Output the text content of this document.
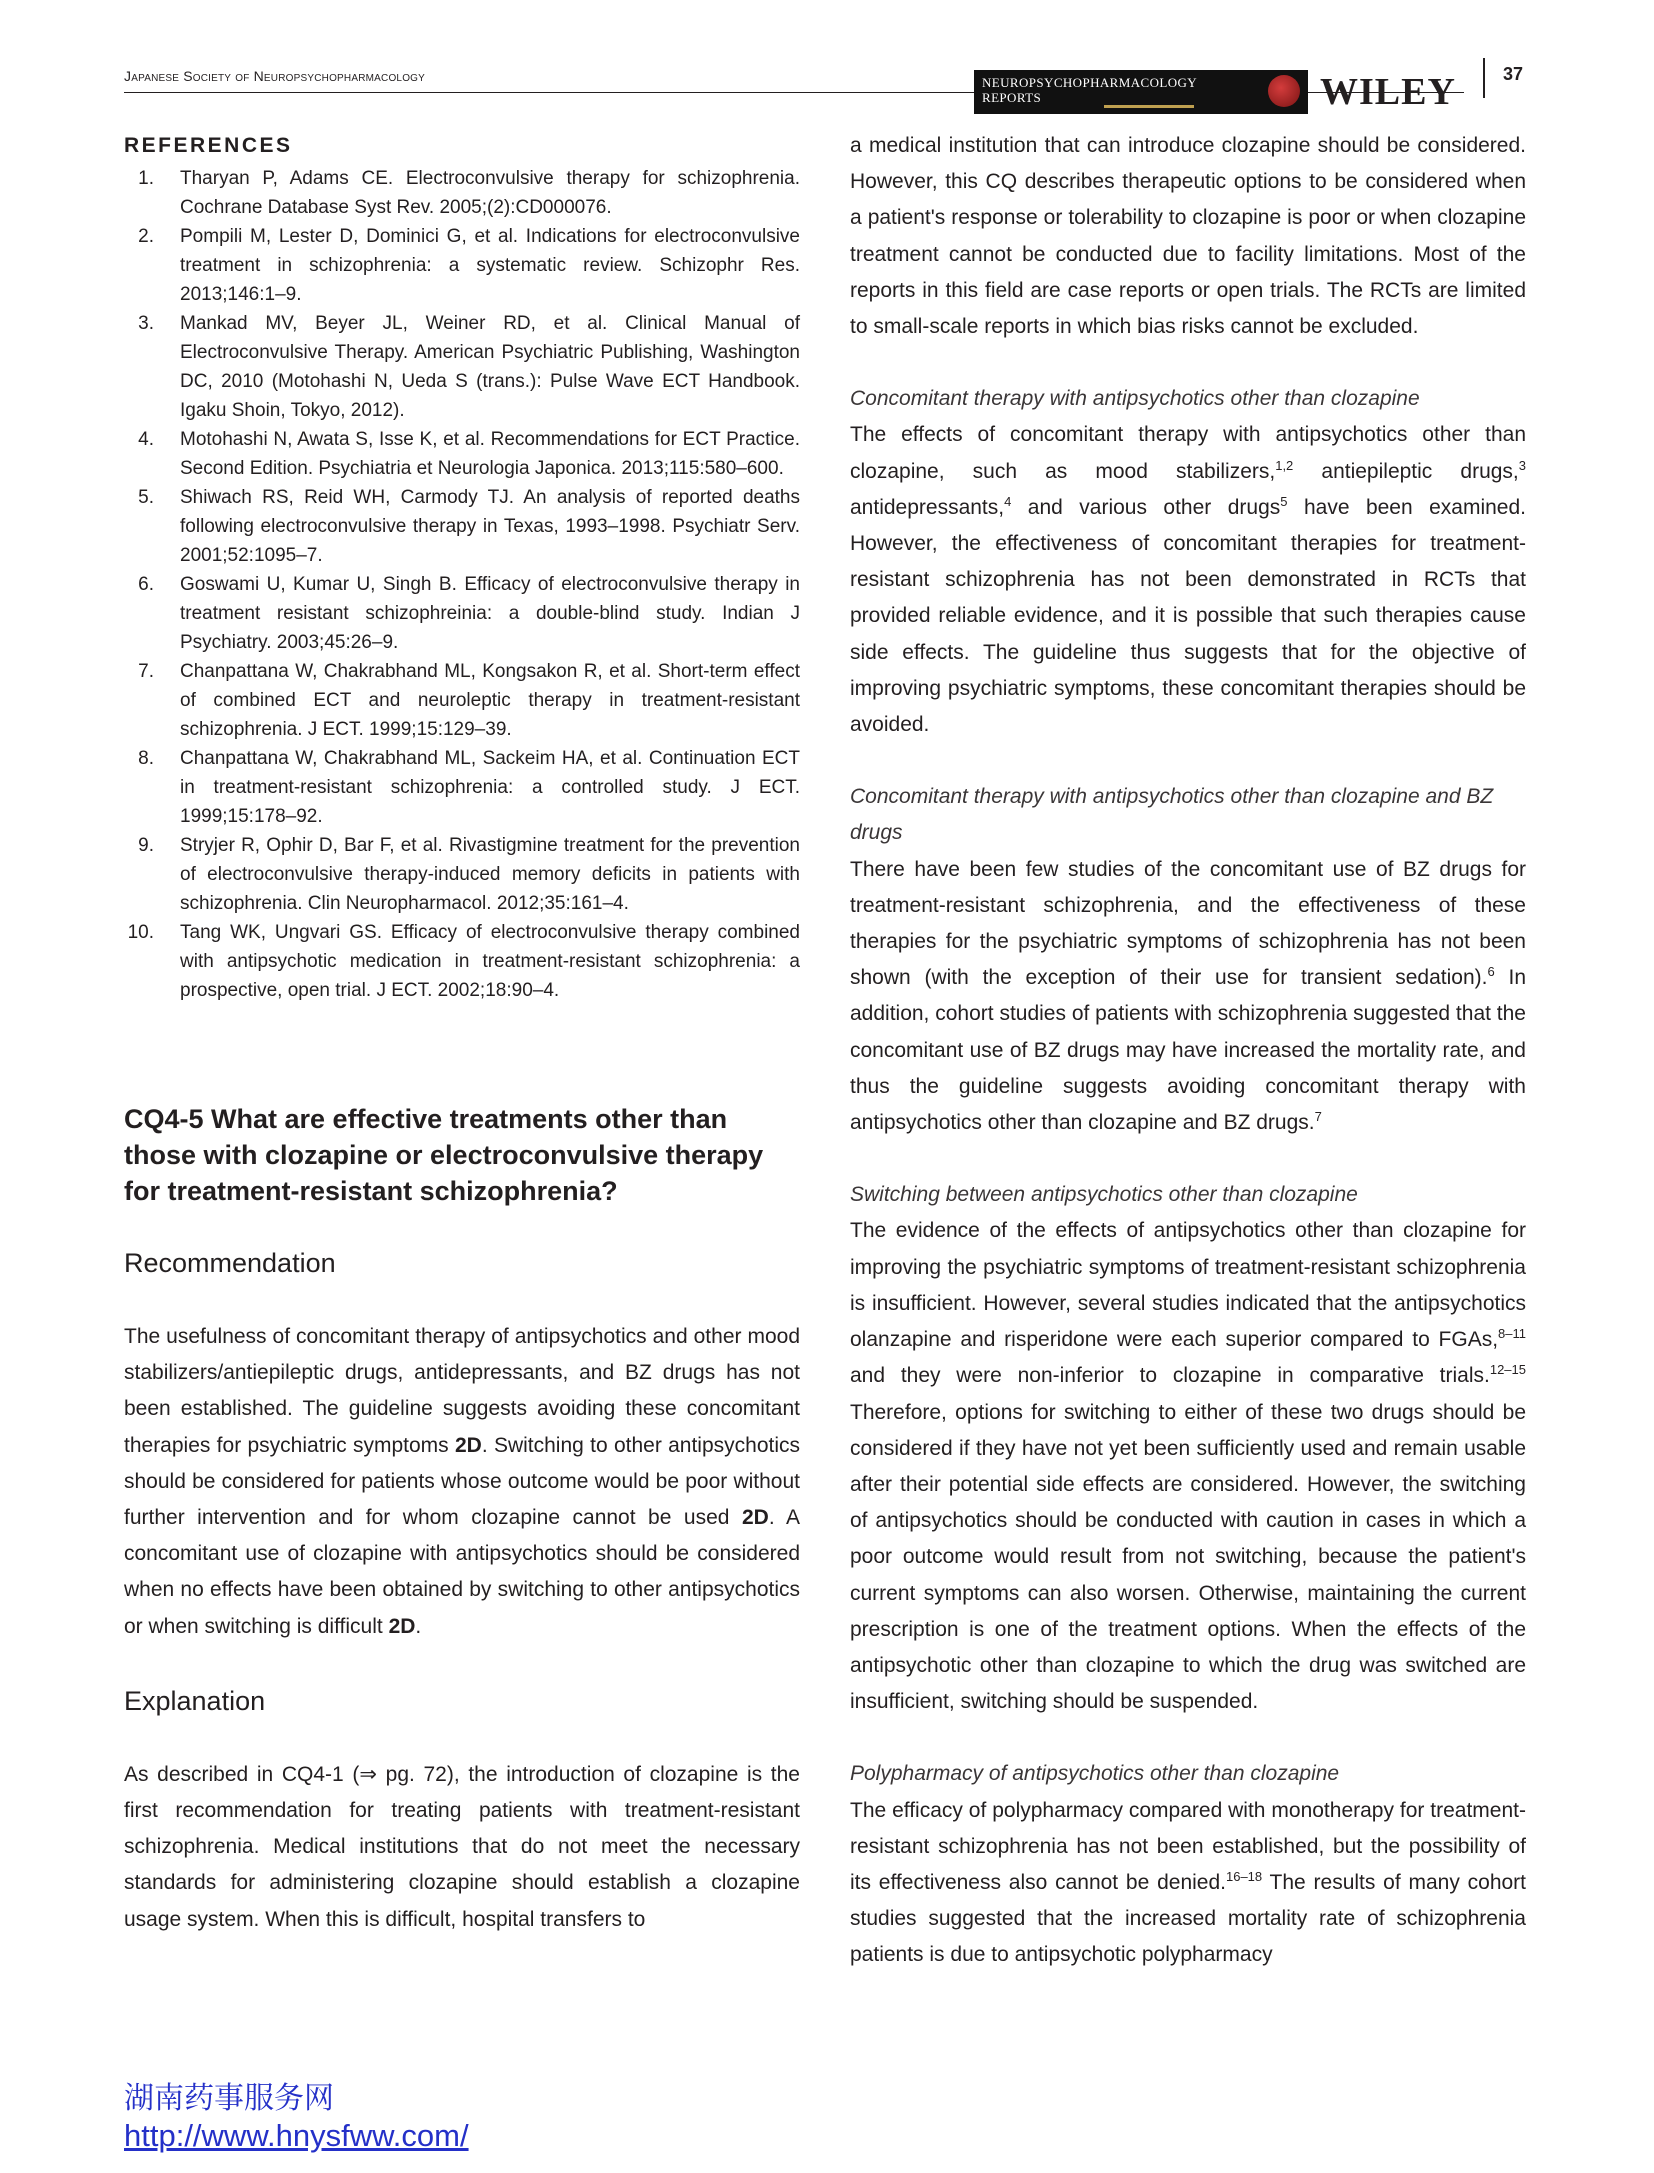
Japanese Society of Neuropsychopharmacology	NEUROPSYCHOPHARMACOLOGY
REPORTS	WILEY	37
REFERENCES
1. Tharyan P, Adams CE. Electroconvulsive therapy for schizophrenia. Cochrane Database Syst Rev. 2005;(2):CD000076.
2. Pompili M, Lester D, Dominici G, et al. Indications for electroconvulsive treatment in schizophrenia: a systematic review. Schizophr Res. 2013;146:1–9.
3. Mankad MV, Beyer JL, Weiner RD, et al. Clinical Manual of Electroconvulsive Therapy. American Psychiatric Publishing, Washington DC, 2010 (Motohashi N, Ueda S (trans.): Pulse Wave ECT Handbook. Igaku Shoin, Tokyo, 2012).
4. Motohashi N, Awata S, Isse K, et al. Recommendations for ECT Practice. Second Edition. Psychiatria et Neurologia Japonica. 2013;115:580–600.
5. Shiwach RS, Reid WH, Carmody TJ. An analysis of reported deaths following electroconvulsive therapy in Texas, 1993–1998. Psychiatr Serv. 2001;52:1095–7.
6. Goswami U, Kumar U, Singh B. Efficacy of electroconvulsive therapy in treatment resistant schizophreinia: a double-blind study. Indian J Psychiatry. 2003;45:26–9.
7. Chanpattana W, Chakrabhand ML, Kongsakon R, et al. Short-term effect of combined ECT and neuroleptic therapy in treatment-resistant schizophrenia. J ECT. 1999;15:129–39.
8. Chanpattana W, Chakrabhand ML, Sackeim HA, et al. Continuation ECT in treatment-resistant schizophrenia: a controlled study. J ECT. 1999;15:178–92.
9. Stryjer R, Ophir D, Bar F, et al. Rivastigmine treatment for the prevention of electroconvulsive therapy-induced memory deficits in patients with schizophrenia. Clin Neuropharmacol. 2012;35:161–4.
10. Tang WK, Ungvari GS. Efficacy of electroconvulsive therapy combined with antipsychotic medication in treatment-resistant schizophrenia: a prospective, open trial. J ECT. 2002;18:90–4.
CQ4-5 What are effective treatments other than those with clozapine or electroconvulsive therapy for treatment-resistant schizophrenia?
Recommendation

The usefulness of concomitant therapy of antipsychotics and other mood stabilizers/antiepileptic drugs, antidepressants, and BZ drugs has not been established. The guideline suggests avoiding these concomitant therapies for psychiatric symptoms 2D. Switching to other antipsychotics should be considered for patients whose outcome would be poor without further intervention and for whom clozapine cannot be used 2D. A concomitant use of clozapine with antipsychotics should be considered when no effects have been obtained by switching to other antipsychotics or when switching is difficult 2D.

Explanation

As described in CQ4-1 (⇒ pg. 72), the introduction of clozapine is the first recommendation for treating patients with treatment-resistant schizophrenia. Medical institutions that do not meet the necessary standards for administering clozapine should establish a clozapine usage system. When this is difficult, hospital transfers to

a medical institution that can introduce clozapine should be considered. However, this CQ describes therapeutic options to be considered when a patient's response or tolerability to clozapine is poor or when clozapine treatment cannot be conducted due to facility limitations. Most of the reports in this field are case reports or open trials. The RCTs are limited to small-scale reports in which bias risks cannot be excluded.

Concomitant therapy with antipsychotics other than clozapine

The effects of concomitant therapy with antipsychotics other than clozapine, such as mood stabilizers,$^{1,2}$ antiepileptic drugs,$^3$ antidepressants,$^4$ and various other drugs$^5$ have been examined. However, the effectiveness of concomitant therapies for treatment-resistant schizophrenia has not been demonstrated in RCTs that provided reliable evidence, and it is possible that such therapies cause side effects. The guideline thus suggests that for the objective of improving psychiatric symptoms, these concomitant therapies should be avoided.

Concomitant therapy with antipsychotics other than clozapine and BZ drugs

There have been few studies of the concomitant use of BZ drugs for treatment-resistant schizophrenia, and the effectiveness of these therapies for the psychiatric symptoms of schizophrenia has not been shown (with the exception of their use for transient sedation).$^6$ In addition, cohort studies of patients with schizophrenia suggested that the concomitant use of BZ drugs may have increased the mortality rate, and thus the guideline suggests avoiding concomitant therapy with antipsychotics other than clozapine and BZ drugs.$^7$

Switching between antipsychotics other than clozapine

The evidence of the effects of antipsychotics other than clozapine for improving the psychiatric symptoms of treatment-resistant schizophrenia is insufficient. However, several studies indicated that the antipsychotics olanzapine and risperidone were each superior compared to FGAs,$^{8-11}$ and they were non-inferior to clozapine in comparative trials.$^{12-15}$ Therefore, options for switching to either of these two drugs should be considered if they have not yet been sufficiently used and remain usable after their potential side effects are considered. However, the switching of antipsychotics should be conducted with caution in cases in which a poor outcome would result from not switching, because the patient's current symptoms can also worsen. Otherwise, maintaining the current prescription is one of the treatment options. When the effects of the antipsychotic other than clozapine to which the drug was switched are insufficient, switching should be suspended.

Polypharmacy of antipsychotics other than clozapine

The efficacy of polypharmacy compared with monotherapy for treatment-resistant schizophrenia has not been established, but the possibility of its effectiveness also cannot be denied.$^{16-18}$ The results of many cohort studies suggested that the increased mortality rate of schizophrenia patients is due to antipsychotic polypharmacy

湖南药事服务网
http://www.hnysfww.com/
